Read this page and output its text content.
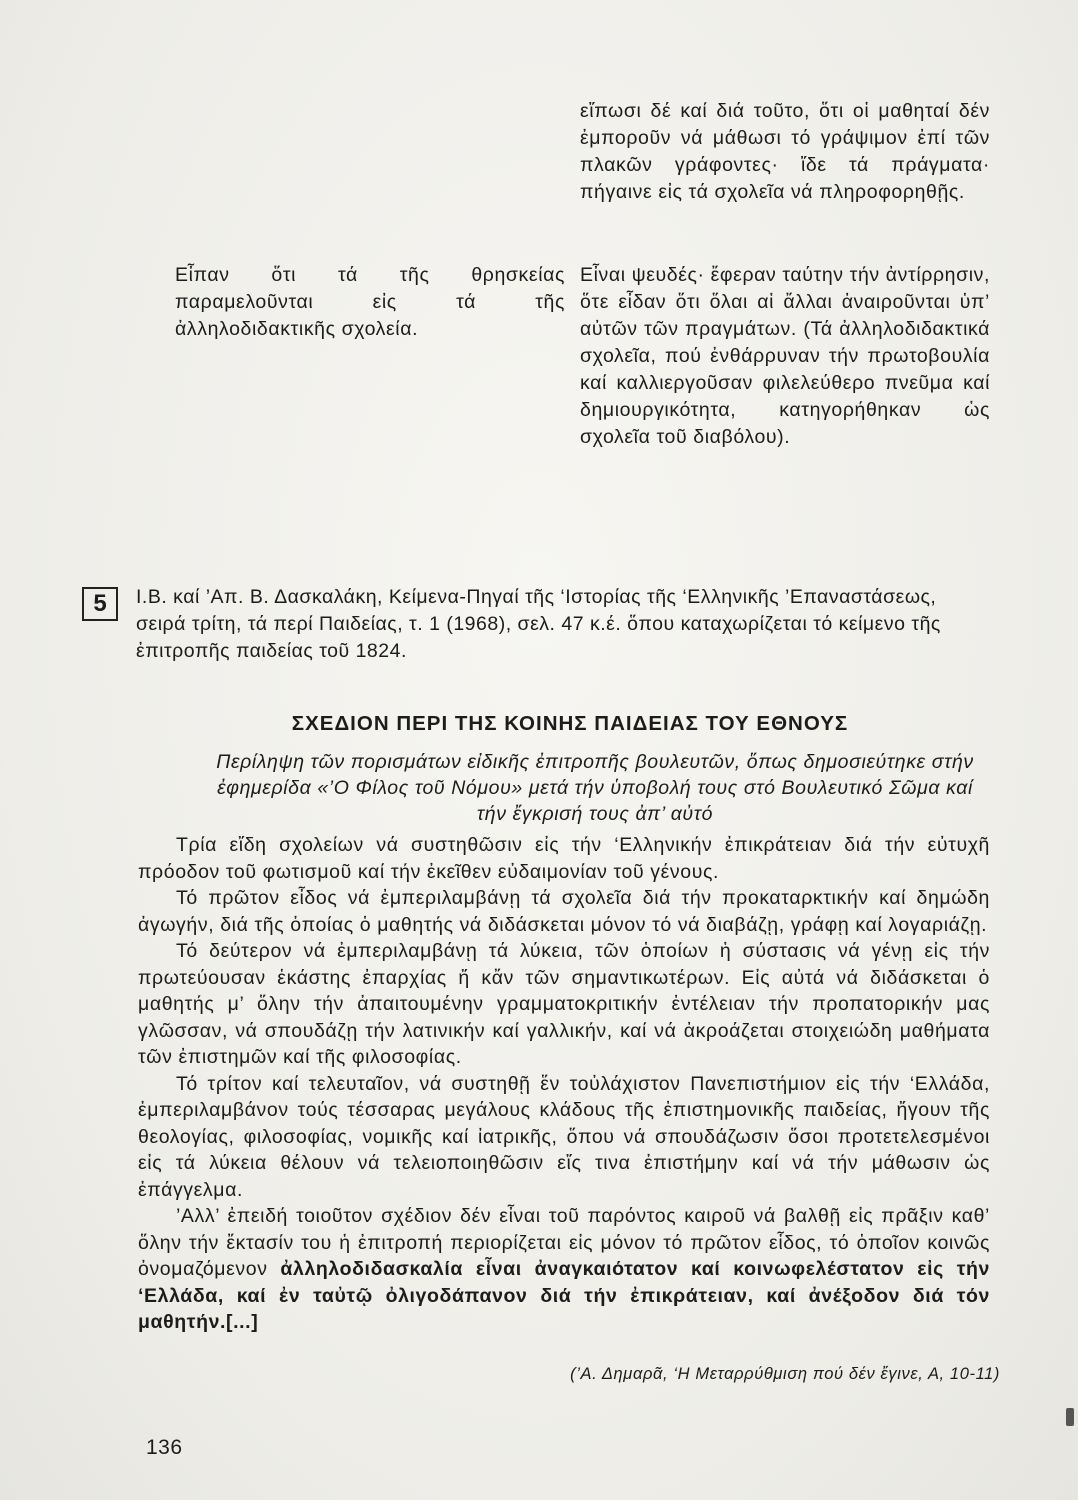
εἴπωσι δέ καί διά τοῦτο, ὅτι οἱ μαθηταί δέν ἐμποροῦν νά μάθωσι τό γράψιμον ἐπί τῶν πλακῶν γράφοντες· ἴδε τά πράγματα· πήγαινε εἰς τά σχολεῖα νά πληροφορηθῇς.

Εἶπαν ὅτι τά τῆς θρησκείας παραμελοῦνται εἰς τά τῆς ἀλληλοδιδακτικῆς σχολεία.

Εἶναι ψευδές· ἔφεραν ταύτην τήν ἀντίρρησιν, ὅτε εἶδαν ὅτι ὅλαι αἱ ἄλλαι ἀναιροῦνται ὑπ’ αὐτῶν τῶν πραγμάτων. (Τά ἀλληλοδιδακτικά σχολεῖα, πού ἐνθάρρυναν τήν πρωτοβουλία καί καλλιεργοῦσαν φιλελεύθερο πνεῦμα καί δημιουργικότητα, κατηγορήθηκαν ὡς σχολεῖα τοῦ διαβόλου).

5	Ι.Β. καί ’Απ. Β. Δασκαλάκη, Κείμενα-Πηγαί τῆς ‘Ιστορίας τῆς ‘Ελληνικῆς ’Επαναστάσεως, σειρά τρίτη, τά περί Παιδείας, τ. 1 (1968), σελ. 47 κ.έ. ὅπου καταχωρίζεται τό κείμενο τῆς ἐπιτροπῆς παιδείας τοῦ 1824.
ΣΧΕΔΙΟΝ ΠΕΡΙ ΤΗΣ ΚΟΙΝΗΣ ΠΑΙΔΕΙΑΣ ΤΟΥ ΕΘΝΟΥΣ
Περίληψη τῶν πορισμάτων εἰδικῆς ἐπιτροπῆς βουλευτῶν, ὅπως δημοσιεύτηκε στήν ἐφημερίδα «’Ο Φίλος τοῦ Νόμου» μετά τήν ὑποβολή τους στό Βουλευτικό Σῶμα καί τήν ἔγκρισή τους ἀπ’ αὐτό

Τρία εἴδη σχολείων νά συστηθῶσιν εἰς τήν ‘Ελληνικήν ἐπικράτειαν διά τήν εὐτυχῆ πρόοδον τοῦ φωτισμοῦ καί τήν ἐκεῖθεν εὐδαιμονίαν τοῦ γένους.

Τό πρῶτον εἶδος νά ἐμπεριλαμβάνῃ τά σχολεῖα διά τήν προκαταρκτικήν καί δημώδη ἀγωγήν, διά τῆς ὁποίας ὁ μαθητής νά διδάσκεται μόνον τό νά διαβάζῃ, γράφῃ καί λογαριάζῃ.

Τό δεύτερον νά ἐμπεριλαμβάνῃ τά λύκεια, τῶν ὁποίων ἡ σύστασις νά γένῃ εἰς τήν πρωτεύουσαν ἑκάστης ἐπαρχίας ἤ κἄν τῶν σημαντικωτέρων. Εἰς αὐτά νά διδάσκεται ὁ μαθητής μ’ ὅλην τήν ἀπαιτουμένην γραμματοκριτικήν ἐντέλειαν τήν προπατορικήν μας γλῶσσαν, νά σπουδάζῃ τήν λατινικήν καί γαλλικήν, καί νά ἀκροάζεται στοιχειώδη μαθήματα τῶν ἐπιστημῶν καί τῆς φιλοσοφίας.

Τό τρίτον καί τελευταῖον, νά συστηθῇ ἕν τοὐλάχιστον Πανεπιστήμιον εἰς τήν ‘Ελλάδα, ἐμπεριλαμβάνον τούς τέσσαρας μεγάλους κλάδους τῆς ἐπιστημονικῆς παιδείας, ἤγουν τῆς θεολογίας, φιλοσοφίας, νομικῆς καί ἰατρικῆς, ὅπου νά σπουδάζωσιν ὅσοι προτετελεσμένοι εἰς τά λύκεια θέλουν νά τελειοποιηθῶσιν εἴς τινα ἐπιστήμην καί νά τήν μάθωσιν ὡς ἐπάγγελμα.

’Αλλ’ ἐπειδή τοιοῦτον σχέδιον δέν εἶναι τοῦ παρόντος καιροῦ νά βαλθῇ εἰς πρᾶξιν καθ’ ὅλην τήν ἔκτασίν του ἡ ἐπιτροπή περιορίζεται εἰς μόνον τό πρῶτον εἶδος, τό ὁποῖον κοινῶς ὀνομαζόμενον ἀλληλοδιδασκαλία εἶναι ἀναγκαιότατον καί κοινωφελέστατον εἰς τήν ‘Ελλάδα, καί ἐν ταὐτῷ ὀλιγοδάπανον διά τήν ἐπικράτειαν, καί ἀνέξοδον διά τόν μαθητήν.[...]

(’Α. Δημαρᾶ, ‘Η Μεταρρύθμιση πού δέν ἔγινε, Α, 10-11)
136
